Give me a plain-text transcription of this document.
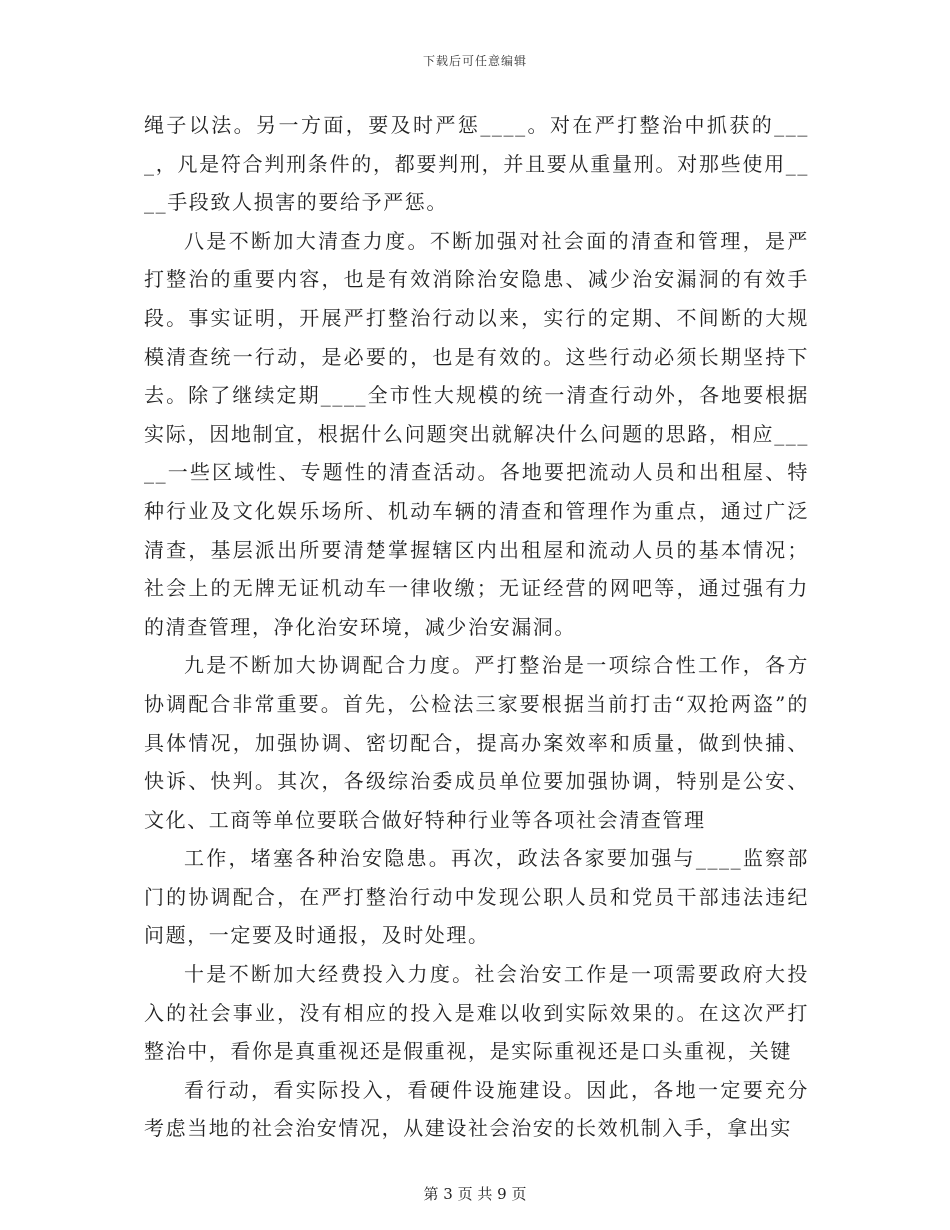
下载后可任意编辑

绳子以法。另一方面，要及时严惩____。对在严打整治中抓获的____，凡是符合判刑条件的，都要判刑，并且要从重量刑。对那些使用____手段致人损害的要给予严惩。

八是不断加大清查力度。不断加强对社会面的清查和管理，是严打整治的重要内容，也是有效消除治安隐患、减少治安漏洞的有效手段。事实证明，开展严打整治行动以来，实行的定期、不间断的大规模清查统一行动，是必要的，也是有效的。这些行动必须长期坚持下去。除了继续定期____全市性大规模的统一清查行动外，各地要根据实际，因地制宜，根据什么问题突出就解决什么问题的思路，相应_____一些区域性、专题性的清查活动。各地要把流动人员和出租屋、特种行业及文化娱乐场所、机动车辆的清查和管理作为重点，通过广泛清查，基层派出所要清楚掌握辖区内出租屋和流动人员的基本情况；社会上的无牌无证机动车一律收缴；无证经营的网吧等，通过强有力的清查管理，净化治安环境，减少治安漏洞。

九是不断加大协调配合力度。严打整治是一项综合性工作，各方协调配合非常重要。首先，公检法三家要根据当前打击“双抢两盗”的具体情况，加强协调、密切配合，提高办案效率和质量，做到快捕、快诉、快判。其次，各级综治委成员单位要加强协调，特别是公安、文化、工商等单位要联合做好特种行业等各项社会清查管理

工作，堵塞各种治安隐患。再次，政法各家要加强与____监察部门的协调配合，在严打整治行动中发现公职人员和党员干部违法违纪问题，一定要及时通报，及时处理。

十是不断加大经费投入力度。社会治安工作是一项需要政府大投入的社会事业，没有相应的投入是难以收到实际效果的。在这次严打整治中，看你是真重视还是假重视，是实际重视还是口头重视，关键

看行动，看实际投入，看硬件设施建设。因此，各地一定要充分考虑当地的社会治安情况，从建设社会治安的长效机制入手，拿出实

第 3 页 共 9 页
